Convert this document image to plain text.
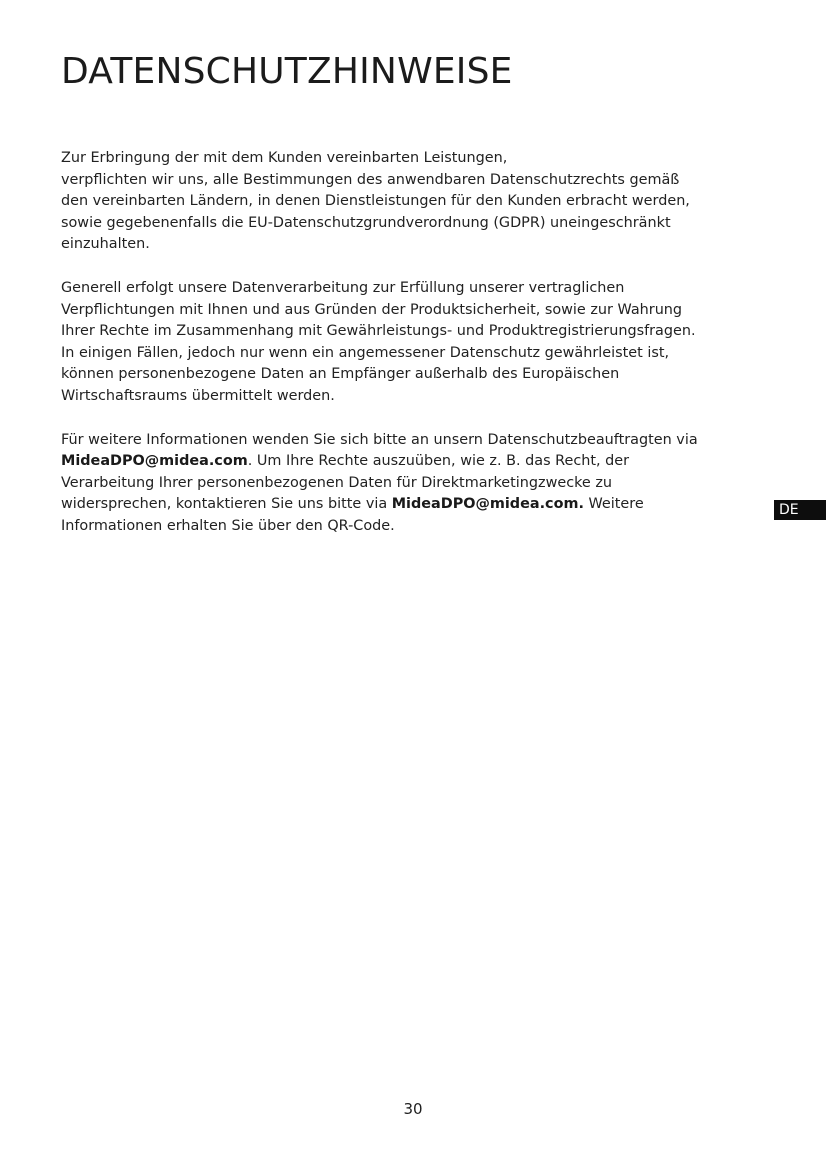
DATENSCHUTZHINWEISE

Zur Erbringung der mit dem Kunden vereinbarten Leistungen,
verpflichten wir uns, alle Bestimmungen des anwendbaren Datenschutzrechts gemäß
den vereinbarten Ländern, in denen Dienstleistungen für den Kunden erbracht werden,
sowie gegebenenfalls die EU-Datenschutzgrundverordnung (GDPR) uneingeschränkt
einzuhalten.

Generell erfolgt unsere Datenverarbeitung zur Erfüllung unserer vertraglichen
Verpflichtungen mit Ihnen und aus Gründen der Produktsicherheit, sowie zur Wahrung
Ihrer Rechte im Zusammenhang mit Gewährleistungs- und Produktregistrierungsfragen.
In einigen Fällen, jedoch nur wenn ein angemessener Datenschutz gewährleistet ist,
können personenbezogene Daten an Empfänger außerhalb des Europäischen
Wirtschaftsraums übermittelt werden.

Für weitere Informationen wenden Sie sich bitte an unsern Datenschutzbeauftragten via
MideaDPO@midea.com. Um Ihre Rechte auszuüben, wie z. B. das Recht, der
Verarbeitung Ihrer personenbezogenen Daten für Direktmarketingzwecke zu
widersprechen, kontaktieren Sie uns bitte via MideaDPO@midea.com. Weitere
Informationen erhalten Sie über den QR-Code.

DE
30
